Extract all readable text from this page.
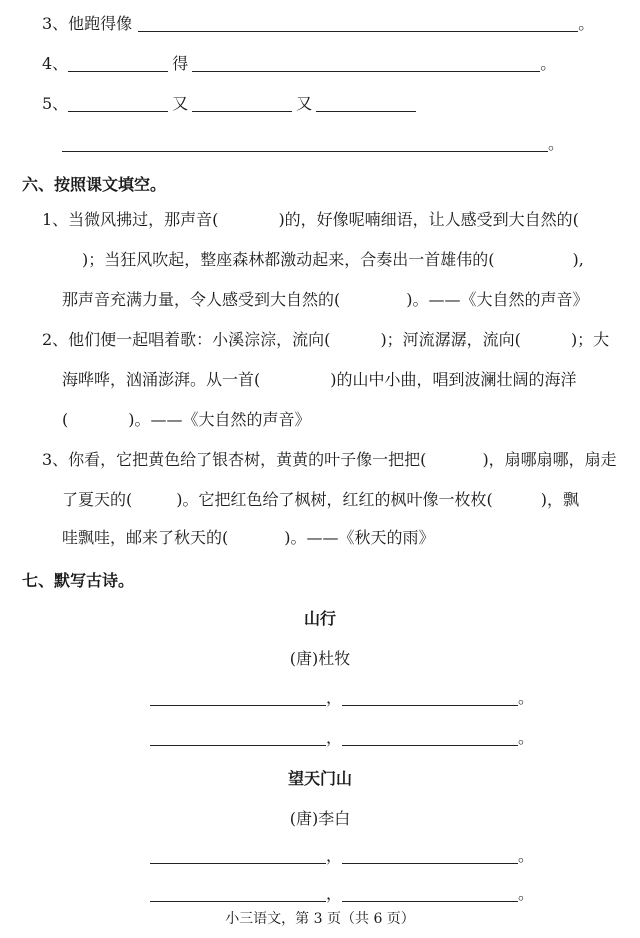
3、他跑得像	。
4、	得	。
5、	又	又
。
六、按照课文填空。
1、当微风拂过，那声音(	)的，好像呢喃细语，让人感受到大自然的(
)；当狂风吹起，整座森林都激动起来，合奏出一首雄伟的(	),
那声音充满力量，令人感受到大自然的(	)。——《大自然的声音》
2、他们便一起唱着歌：小溪淙淙，流向(	)；河流潺潺，流向(	)；大
海哗哗，汹涌澎湃。从一首(	)的山中小曲，唱到波澜壮阔的海洋
(	)。——《大自然的声音》
3、你看，它把黄色给了银杏树，黄黄的叶子像一把把(	)，扇哪扇哪，扇走
了夏天的(	)。它把红色给了枫树，红红的枫叶像一枚枚(	)，飘
哇飘哇，邮来了秋天的(	)。——《秋天的雨》
七、默写古诗。
山行
(唐)杜牧
，	。
，	。
望天门山
(唐)李白
，	。
，	。
小三语文，第 3 页（共 6 页）
